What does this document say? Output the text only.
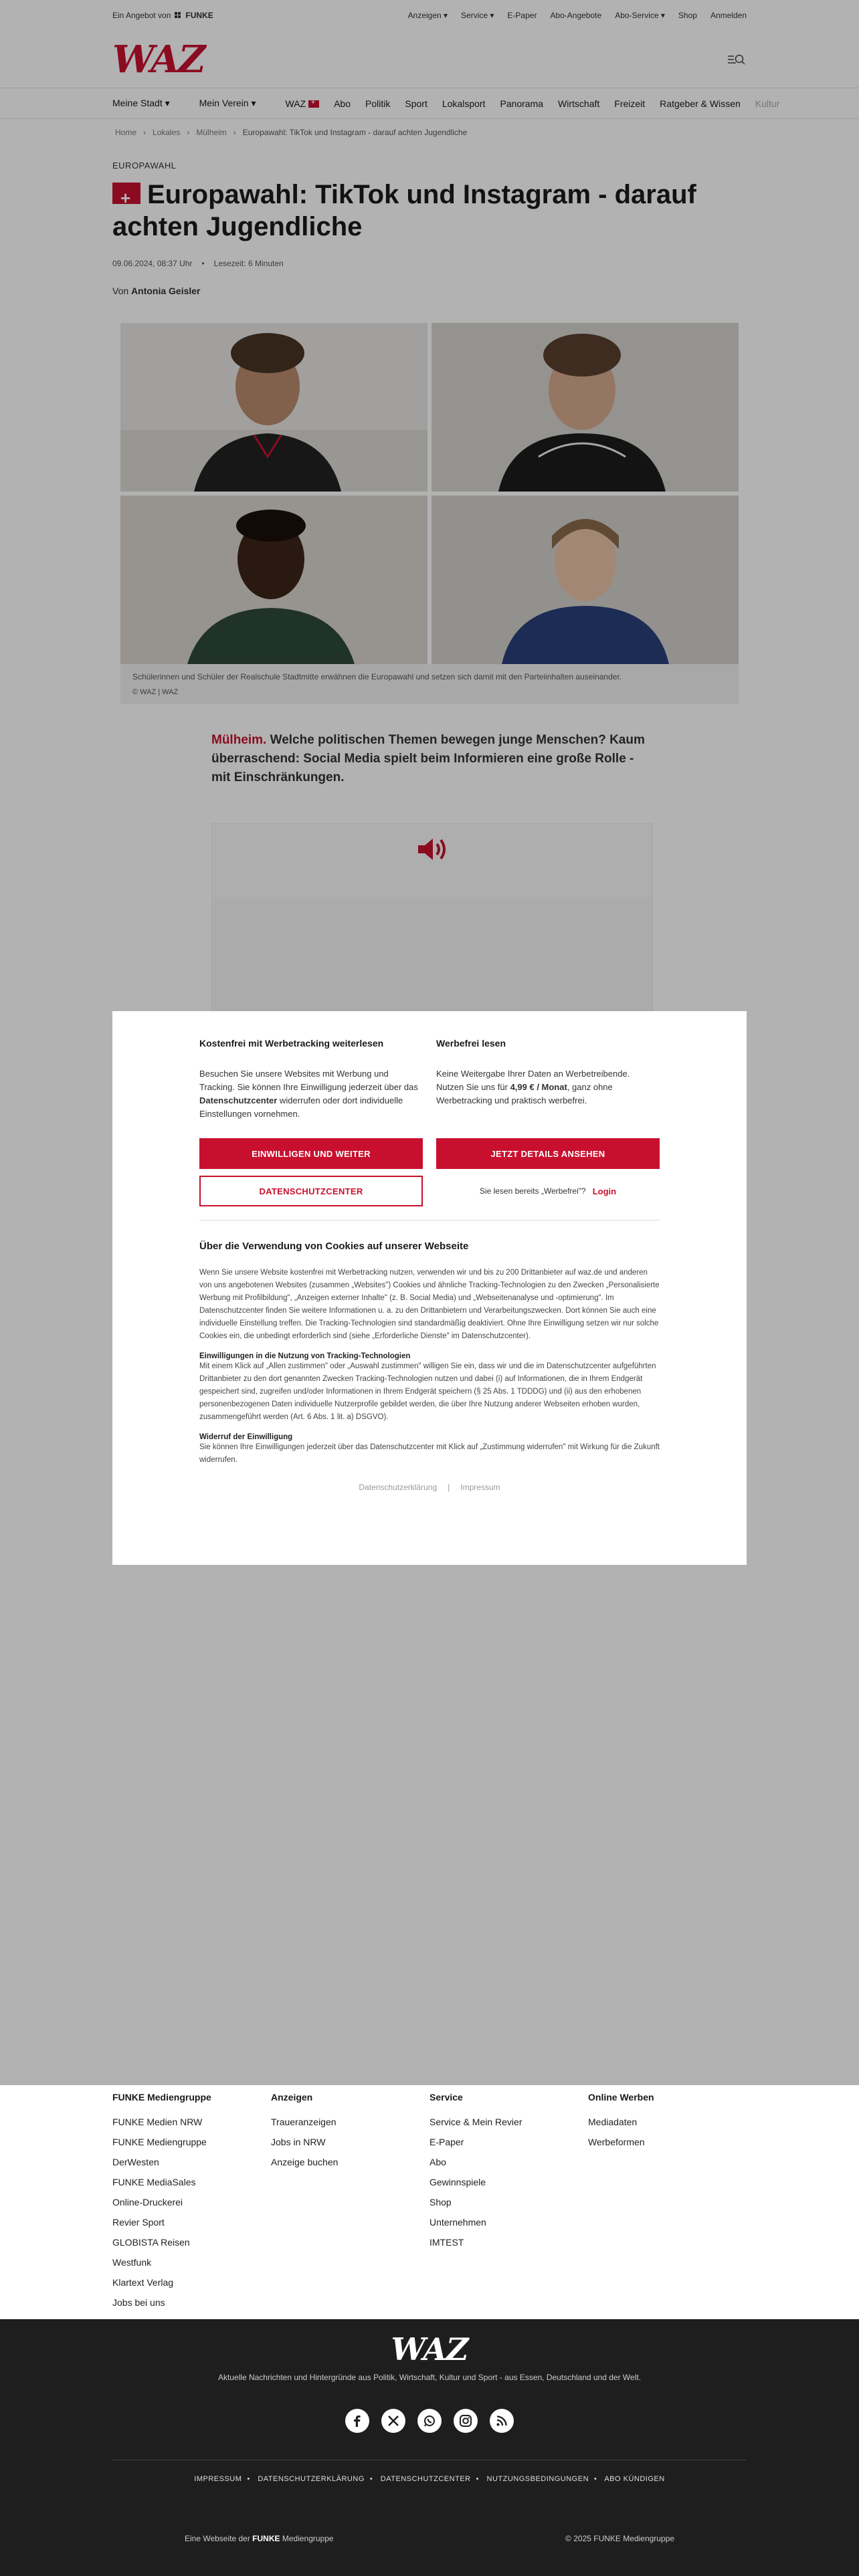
Ein Angebot von FUNKE	Anzeigen ▾ Service ▾ E-Paper Abo-Angebote Abo-Service ▾ Shop Anmelden
WAZ
Meine Stadt ▾	Mein Verein ▾	WAZ+	Abo Politik Sport Lokalsport Panorama Wirtschaft Freizeit Ratgeber & Wissen Kultur
Home › Lokales › Mülheim › Europawahl: TikTok und Instagram - darauf achten Jugendliche
EUROPAWAHL
+Europawahl: TikTok und Instagram - darauf achten Jugendliche
09.06.2024, 08:37 Uhr • Lesezeit: 6 Minuten
Von Antonia Geisler
Schülerinnen und Schüler der Realschule Stadtmitte erwähnen die Europawahl und setzen sich damit mit den Parteiinhalten auseinander.
© WAZ | WAZ
Mülheim. Welche politischen Themen bewegen junge Menschen? Kaum überraschend: Social Media spielt beim Informieren eine große Rolle - mit Einschränkungen.
Kostenfrei mit Werbetracking weiterlesen

Besuchen Sie unsere Websites mit Werbung und Tracking. Sie können Ihre Einwilligung jederzeit über das Datenschutzcenter widerrufen oder dort individuelle Einstellungen vornehmen.

EINWILLIGEN UND WEITER
DATENSCHUTZCENTER
Werbefrei lesen

Keine Weitergabe Ihrer Daten an Werbetreibende. Nutzen Sie uns für 4,99 € / Monat, ganz ohne Werbetracking und praktisch werbefrei.

JETZT DETAILS ANSEHEN
Sie lesen bereits „Werbefrei"? Login
Über die Verwendung von Cookies auf unserer Webseite
Wenn Sie unsere Website kostenfrei mit Werbetracking nutzen, verwenden wir und bis zu 200 Drittanbieter auf waz.de und anderen von uns angebotenen Websites (zusammen „Websites") Cookies und ähnliche Tracking-Technologien zu den Zwecken „Personalisierte Werbung mit Profilbildung", „Anzeigen externer Inhalte" (z. B. Social Media) und „Webseitenanalyse und -optimierung". Im Datenschutzcenter finden Sie weitere Informationen u. a. zu den Drittanbietern und Verarbeitungszwecken. Dort können Sie auch eine individuelle Einstellung treffen. Die Tracking-Technologien sind standardmäßig deaktiviert. Ohne Ihre Einwilligung setzen wir nur solche Cookies ein, die unbedingt erforderlich sind (siehe „Erforderliche Dienste" im Datenschutzcenter).
Einwilligungen in die Nutzung von Tracking-Technologien
Mit einem Klick auf „Allen zustimmen" oder „Auswahl zustimmen" willigen Sie ein, dass wir und die im Datenschutzcenter aufgeführten Drittanbieter zu den dort genannten Zwecken Tracking-Technologien nutzen und dabei (i) auf Informationen, die in Ihrem Endgerät gespeichert sind, zugreifen und/oder Informationen in Ihrem Endgerät speichern (§ 25 Abs. 1 TDDDG) und (ii) aus den erhobenen personenbezogenen Daten individuelle Nutzerprofile gebildet werden, die über Ihre Nutzung anderer Webseiten erhoben wurden, zusammengeführt werden (Art. 6 Abs. 1 lit. a) DSGVO).
Widerruf der Einwilligung
Sie können Ihre Einwilligungen jederzeit über das Datenschutzcenter mit Klick auf „Zustimmung widerrufen" mit Wirkung für die Zukunft widerrufen.
Datenschutzerklärung | Impressum
FUNKE Mediengruppe
FUNKE Medien NRW
FUNKE Mediengruppe
DerWesten
FUNKE MediaSales
Online-Druckerei
Revier Sport
GLOBISTA Reisen
Westfunk
Klartext Verlag
Jobs bei uns
Anzeigen
Traueranzeigen
Jobs in NRW
Anzeige buchen
Service
Service & Mein Revier
E-Paper
Abo
Gewinnspiele
Shop
Unternehmen
IMTEST
Online Werben
Mediadaten
Werbeformen
WAZ
Aktuelle Nachrichten und Hintergründe aus Politik, Wirtschaft, Kultur und Sport - aus Essen, Deutschland und der Welt.
IMPRESSUM • DATENSCHUTZERKLÄRUNG • DATENSCHUTZCENTER • NUTZUNGSBEDINGUNGEN • ABO KÜNDIGEN
Eine Webseite der FUNKE Mediengruppe	© 2025 FUNKE Mediengruppe
